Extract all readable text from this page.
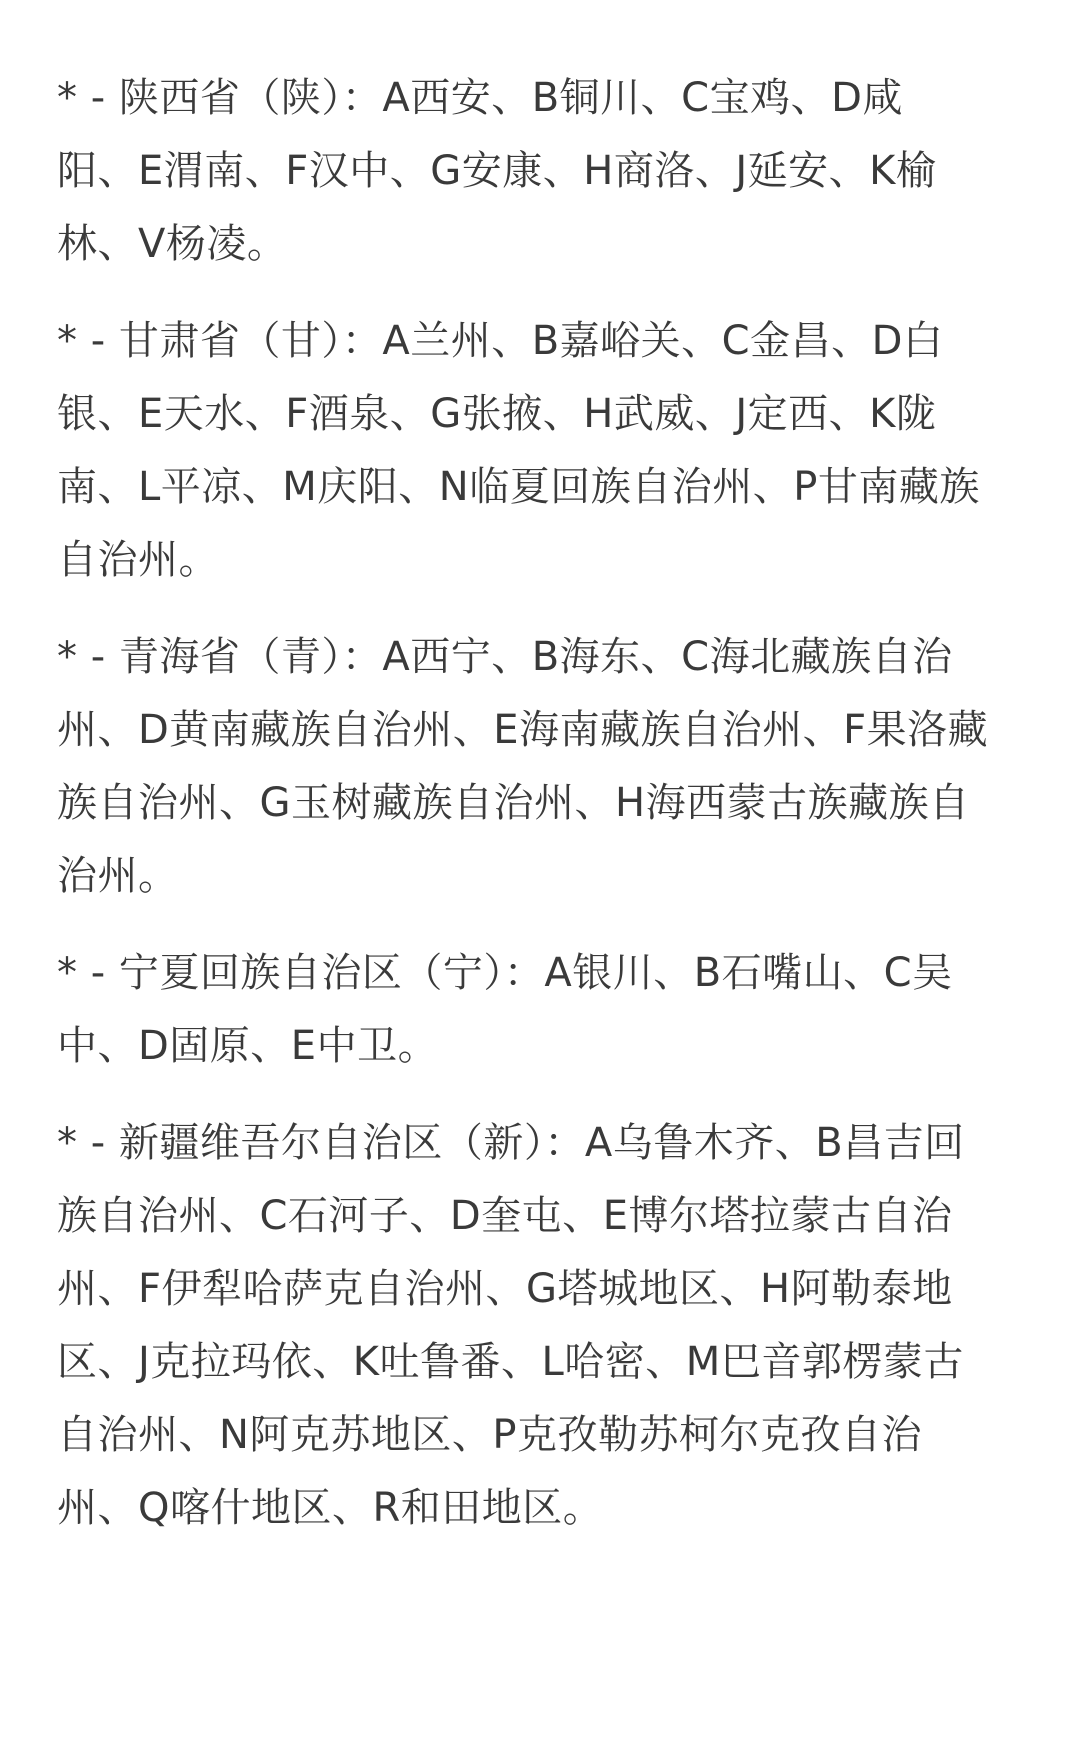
* - 陕西省（陕）：A西安、B铜川、C宝鸡、D咸
阳、E渭南、F汉中、G安康、H商洛、J延安、K榆
林、V杨凌。
* - 甘肃省（甘）：A兰州、B嘉峪关、C金昌、D白
银、E天水、F酒泉、G张掖、H武威、J定西、K陇
南、L平凉、M庆阳、N临夏回族自治州、P甘南藏族
自治州。
* - 青海省（青）：A西宁、B海东、C海北藏族自治
州、D黄南藏族自治州、E海南藏族自治州、F果洛藏
族自治州、G玉树藏族自治州、H海西蒙古族藏族自
治州。
* - 宁夏回族自治区（宁）：A银川、B石嘴山、C吴
中、D固原、E中卫。
* - 新疆维吾尔自治区（新）：A乌鲁木齐、B昌吉回
族自治州、C石河子、D奎屯、E博尔塔拉蒙古自治
州、F伊犁哈萨克自治州、G塔城地区、H阿勒泰地
区、J克拉玛依、K吐鲁番、L哈密、M巴音郭楞蒙古
自治州、N阿克苏地区、P克孜勒苏柯尔克孜自治
州、Q喀什地区、R和田地区。
